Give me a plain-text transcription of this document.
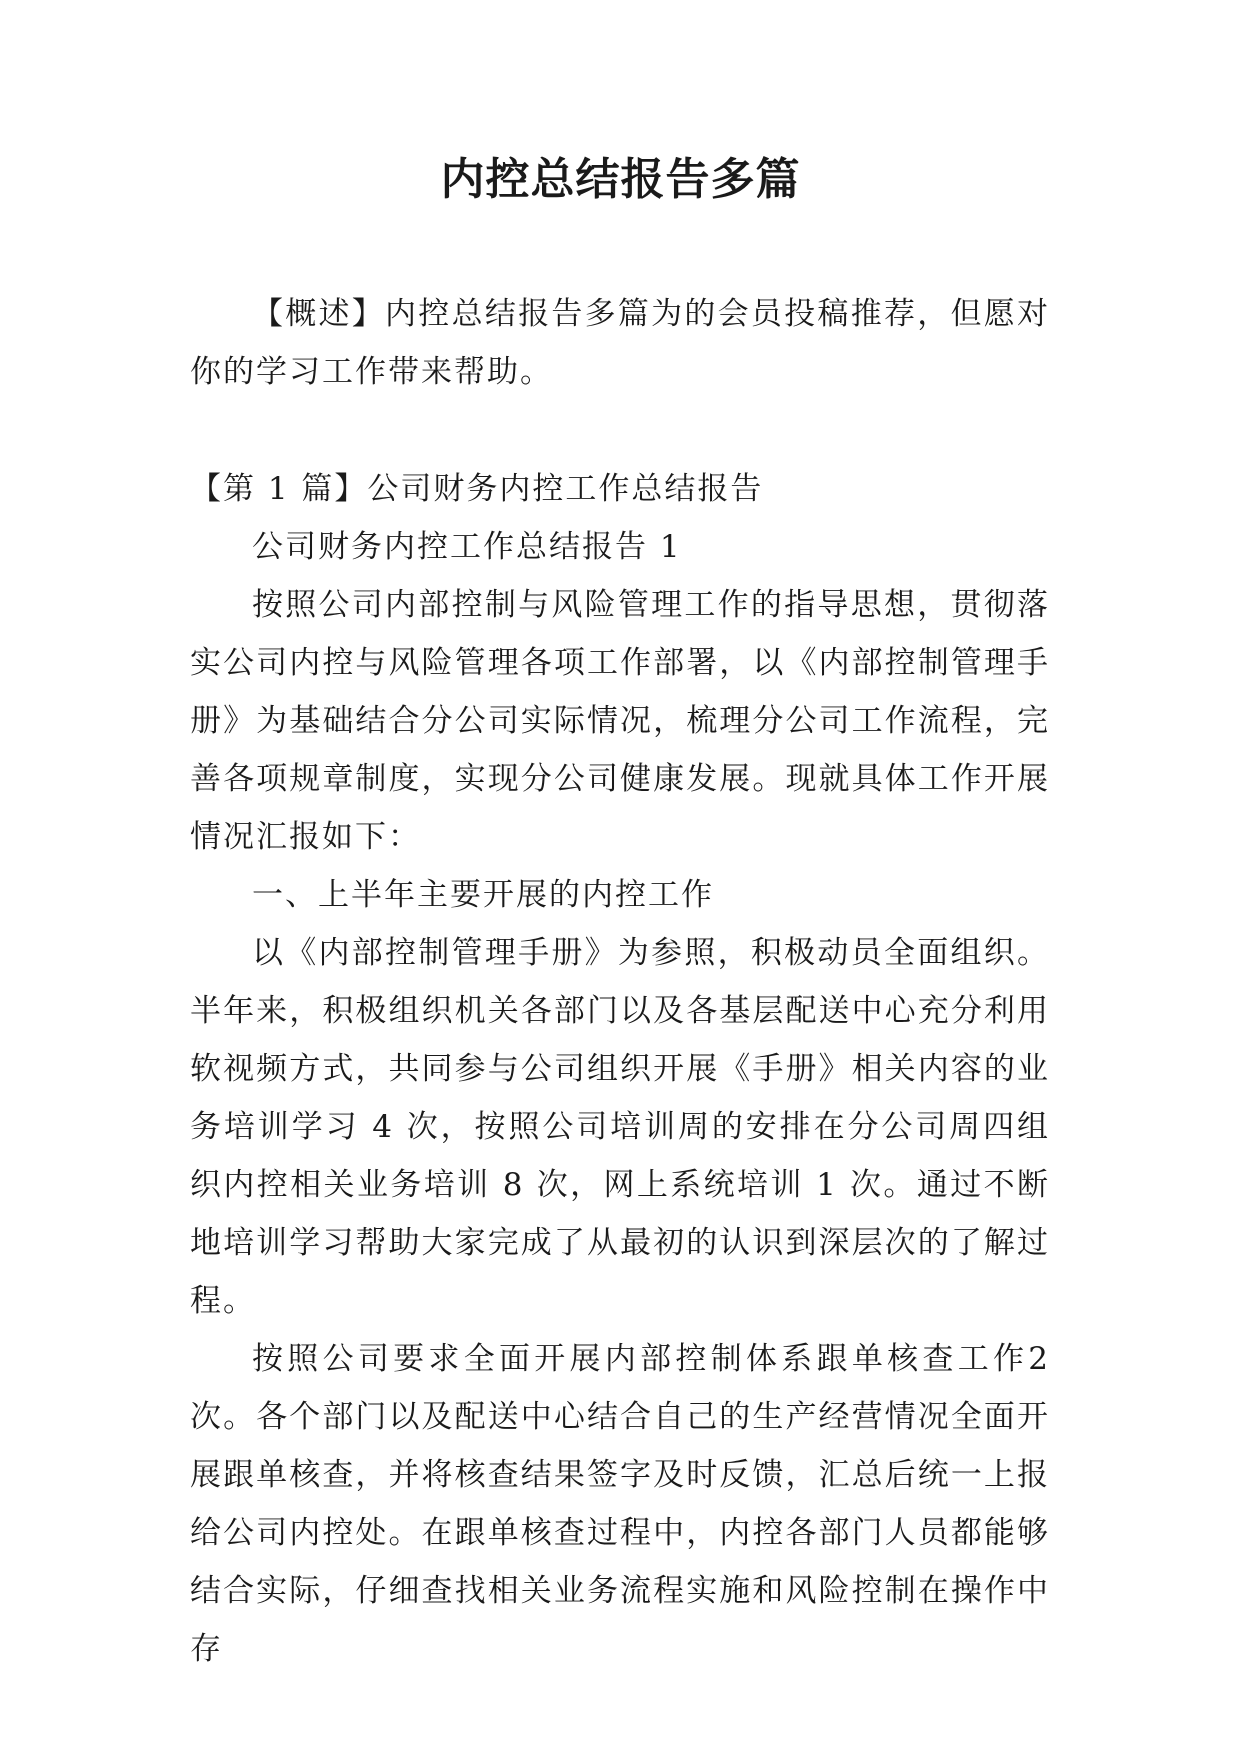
内控总结报告多篇

【概述】内控总结报告多篇为的会员投稿推荐，但愿对你的学习工作带来帮助。

【第 1 篇】公司财务内控工作总结报告

公司财务内控工作总结报告 1

按照公司内部控制与风险管理工作的指导思想，贯彻落实公司内控与风险管理各项工作部署，以《内部控制管理手册》为基础结合分公司实际情况，梳理分公司工作流程，完善各项规章制度，实现分公司健康发展。现就具体工作开展情况汇报如下：

一、上半年主要开展的内控工作

以《内部控制管理手册》为参照，积极动员全面组织。半年来，积极组织机关各部门以及各基层配送中心充分利用软视频方式，共同参与公司组织开展《手册》相关内容的业务培训学习 4 次，按照公司培训周的安排在分公司周四组织内控相关业务培训 8 次，网上系统培训 1 次。通过不断地培训学习帮助大家完成了从最初的认识到深层次的了解过程。

按照公司要求全面开展内部控制体系跟单核查工作2次。各个部门以及配送中心结合自己的生产经营情况全面开展跟单核查，并将核查结果签字及时反馈，汇总后统一上报给公司内控处。在跟单核查过程中，内控各部门人员都能够结合实际，仔细查找相关业务流程实施和风险控制在操作中存
